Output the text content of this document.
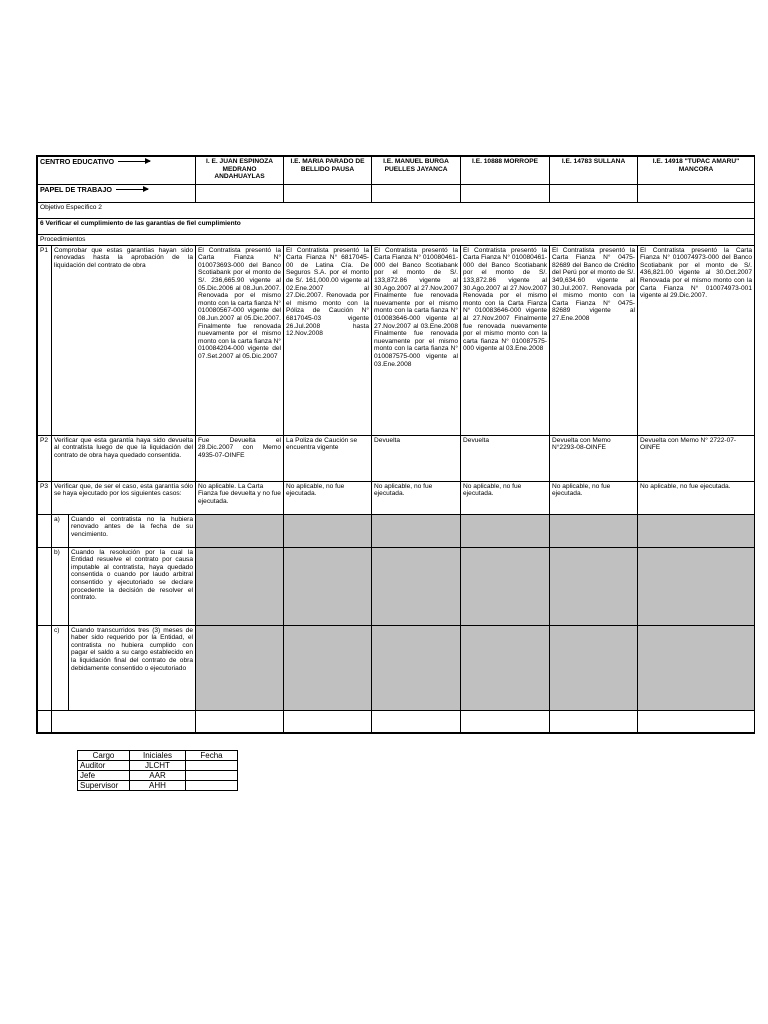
CENTRO EDUCATIVO	I. E. JUAN ESPINOZA MEDRANO ANDAHUAYLAS	I.E. MARIA PARADO DE BELLIDO PAUSA	I.E. MANUEL BURGA PUELLES JAYANCA	I.E. 10888 MORROPE	I.E. 14783 SULLANA	I.E. 14918 "TUPAC AMARU" MANCORA
PAPEL DE TRABAJO						
Objetivo Específico 2
6 Verificar el cumplimiento de las garantías de fiel cumplimiento
Procedimientos
P1	Comprobar que estas garantías hayan sido renovadas hasta la aprobación de la liquidación del contrato de obra	El Contratista presentó la Carta Fianza N° 010073693-000 del Banco Scotiabank por el monto de S/. 236,665.90 vigente al 05.Dic.2006 al 08.Jun.2007. Renovada por el mismo monto con la carta fianza N° 010080567-000 vigente del 08.Jun.2007 al 05.Dic.2007. Finalmente fue renovada nuevamente por el mismo monto con la carta fianza N° 010084204-000 vigente del 07.Set.2007 al 05.Dic.2007	El Contratista presentó la Carta Fianza N° 6817045-00 de Latina Cía. De Seguros S.A. por el monto de S/. 161,000.00 vigente al 02.Ene.2007 al 27.Dic.2007. Renovada por el mismo monto con la Póliza de Caución N° 6817045-03 vigente 26.Jul.2008 hasta 12.Nov.2008	El Contratista presentó la Carta Fianza N° 010080461-000 del Banco Scotiabank por el monto de S/. 133,872.86 vigente al 30.Ago.2007 al 27.Nov.2007 Finalmente fue renovada nuevamente por el mismo monto con la carta fianza N° 010083646-000 vigente al 27.Nov.2007 al 03.Ene.2008 Finalmente fue renovada nuevamente por el mismo monto con la carta fianza N° 010087575-000 vigente al 03.Ene.2008	El Contratista presentó la Carta Fianza N° 010080461-000 del Banco Scotiabank por el monto de S/. 133,872.86 vigente al 30.Ago.2007 al 27.Nov.2007 Renovada por el mismo monto con la Carta Fianza N° 010083646-000 vigente al 27.Nov.2007 Finalmente fue renovada nuevamente por el mismo monto con la carta fianza N° 010087575-000 vigente al 03.Ene.2008	El Contratista presentó la Carta Fianza N° 0475-82689 del Banco de Crédito del Perú por el monto de S/. 349,634.60 vigente al 30.Jul.2007. Renovada por el mismo monto con la Carta Fianza N° 0475-82689 vigente al 27.Ene.2008	El Contratista presentó la Carta Fianza N° 010074973-000 del Banco Scotiabank por el monto de S/. 436,821.00 vigente al 30.Oct.2007 Renovada por el mismo monto con la Carta Fianza N° 010074973-001 vigente al 29.Dic.2007.
P2	Verificar que esta garantía haya sido devuelta al contratista luego de que la liquidación del contrato de obra haya quedado consentida.	Fue Devuelta el 28.Dic.2007 con Memo 4935-07-OINFE	La Poliza de Caución se encuentra vigente	Devuelta	Devuelta	Devuelta con Memo N°2293-08-OINFE	Devuelta con Memo N° 2722-07-OINFE
P3	Verificar que, de ser el caso, esta garantía sólo se haya ejecutado por los siguientes casos:	No aplicable. La Carta Fianza fue devuelta y no fue ejecutada.	No aplicable, no fue ejecutada.	No aplicable, no fue ejecutada.	No aplicable, no fue ejecutada.	No aplicable, no fue ejecutada.	No aplicable, no fue ejecutada.

a)	Cuando el contratista no la hubiera renovado antes de la fecha de su vencimiento.

b)	Cuando la resolución por la cual la Entidad resuelve el contrato por causa imputable al contratista, haya quedado consentida o cuando por laudo arbitral consentido y ejecutoriado se declare procedente la decisión de resolver el contrato.

c)	Cuando transcurridos tres (3) meses de haber sido requerido por la Entidad, el contratista no hubiera cumplido con pagar el saldo a su cargo establecido en la liquidación final del contrato de obra debidamente consentido o ejecutoriado

Cargo	Iniciales	Fecha
Auditor	JLCHT	
Jefe	AAR	
Supervisor	AHH	
